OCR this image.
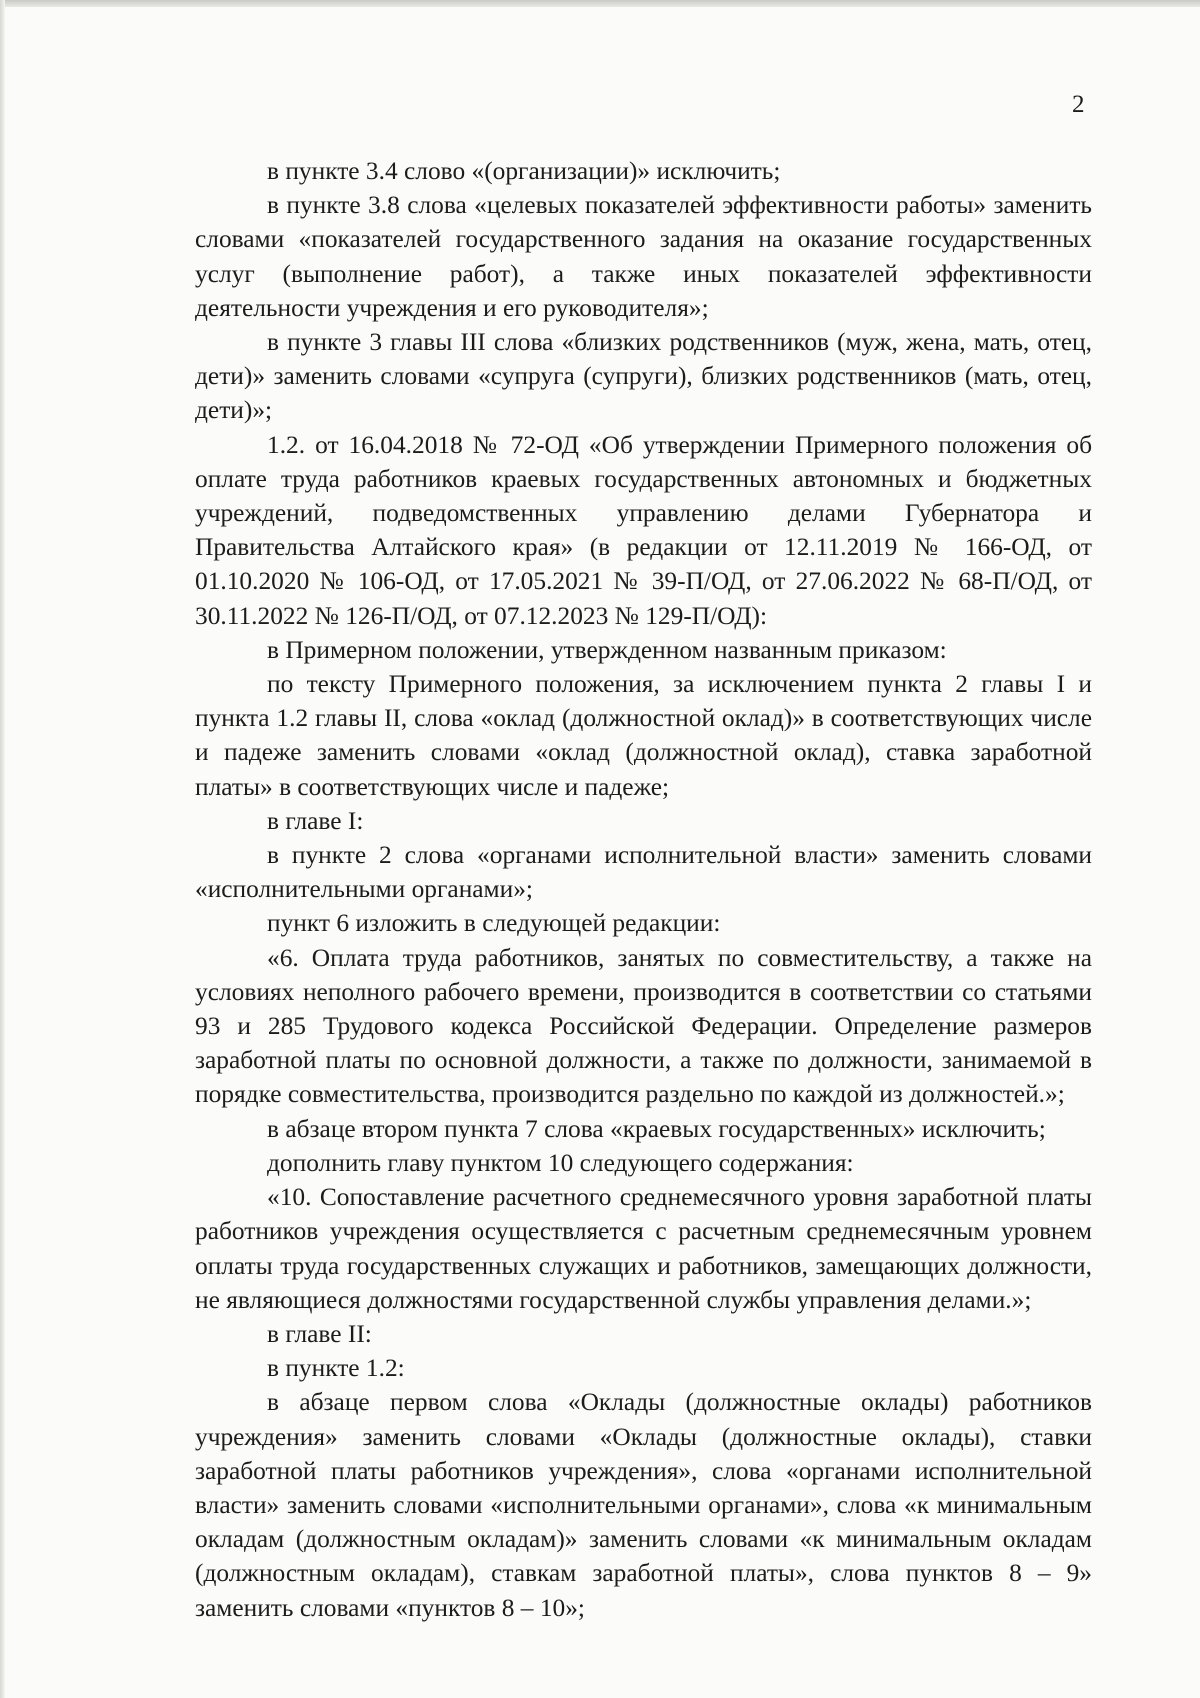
2

в пункте 3.4 слово «(организации)» исключить;

в пункте 3.8 слова «целевых показателей эффективности работы» заменить словами «показателей государственного задания на оказание государственных услуг (выполнение работ), а также иных показателей эффективности деятельности учреждения и его руководителя»;

в пункте 3 главы III слова «близких родственников (муж, жена, мать, отец, дети)» заменить словами «супруга (супруги), близких родственников (мать, отец, дети)»;

1.2. от 16.04.2018 № 72-ОД «Об утверждении Примерного положения об оплате труда работников краевых государственных автономных и бюджетных учреждений, подведомственных управлению делами Губернатора и Правительства Алтайского края» (в редакции от 12.11.2019 № 166-ОД, от 01.10.2020 № 106-ОД, от 17.05.2021 № 39-П/ОД, от 27.06.2022 № 68-П/ОД, от 30.11.2022 № 126-П/ОД, от 07.12.2023 № 129-П/ОД):

в Примерном положении, утвержденном названным приказом:

по тексту Примерного положения, за исключением пункта 2 главы I и пункта 1.2 главы II, слова «оклад (должностной оклад)» в соответствующих числе и падеже заменить словами «оклад (должностной оклад), ставка заработной платы» в соответствующих числе и падеже;

в главе I:

в пункте 2 слова «органами исполнительной власти» заменить словами «исполнительными органами»;

пункт 6 изложить в следующей редакции:

«6. Оплата труда работников, занятых по совместительству, а также на условиях неполного рабочего времени, производится в соответствии со статьями 93 и 285 Трудового кодекса Российской Федерации. Определение размеров заработной платы по основной должности, а также по должности, занимаемой в порядке совместительства, производится раздельно по каждой из должностей.»;

в абзаце втором пункта 7 слова «краевых государственных» исключить;

дополнить главу пунктом 10 следующего содержания:

«10. Сопоставление расчетного среднемесячного уровня заработной платы работников учреждения осуществляется с расчетным среднемесячным уровнем оплаты труда государственных служащих и работников, замещающих должности, не являющиеся должностями государственной службы управления делами.»;

в главе II:

в пункте 1.2:

в абзаце первом слова «Оклады (должностные оклады) работников учреждения» заменить словами «Оклады (должностные оклады), ставки заработной платы работников учреждения», слова «органами исполнительной власти» заменить словами «исполнительными органами», слова «к минимальным окладам (должностным окладам)» заменить словами «к минимальным окладам (должностным окладам), ставкам заработной платы», слова пунктов 8 – 9» заменить словами «пунктов 8 – 10»;
